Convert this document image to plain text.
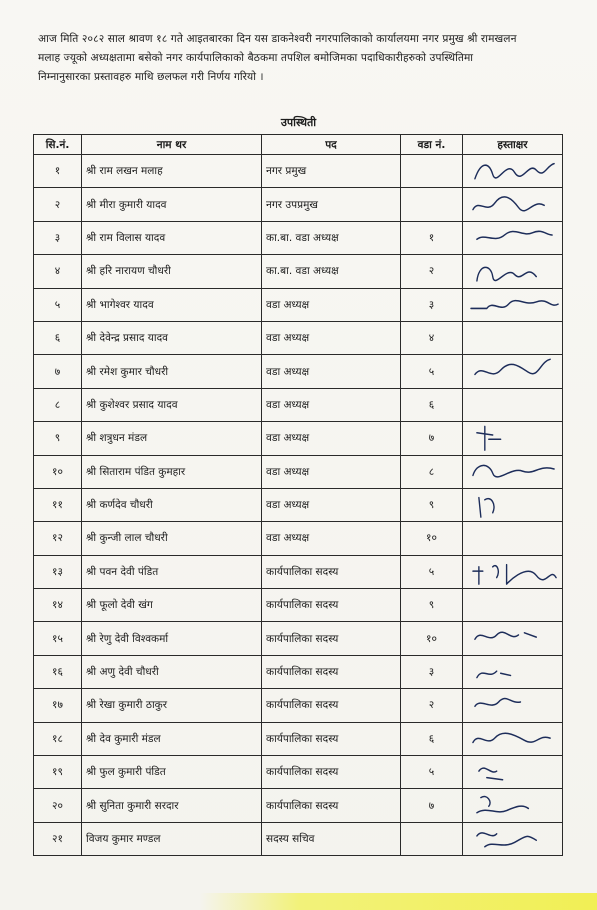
आज मिति २०८२ साल श्रावण १८ गते आइतबारका दिन यस डाकनेश्वरी नगरपालिकाको कार्यालयमा नगर प्रमुख श्री रामखलन

मलाह ज्यूको अध्यक्षतामा बसेको नगर कार्यपालिकाको बैठकमा तपशिल बमोजिमका पदाधिकारीहरुको उपस्थितिमा

निम्नानुसारका प्रस्तावहरु माथि छलफल गरी निर्णय गरियो ।

उपस्थिती
सि.नं.	नाम थर	पद	वडा नं.	हस्ताक्षर
१	श्री राम लखन मलाह	नगर प्रमुख		

२	श्री मीरा कुमारी यादव	नगर उपप्रमुख		

३	श्री राम विलास यादव	का.बा. वडा अध्यक्ष	१	

४	श्री हरि नारायण चौधरी	का.बा. वडा अध्यक्ष	२	

५	श्री भागेश्वर यादव	वडा अध्यक्ष	३	

६	श्री देवेन्द्र प्रसाद यादव	वडा अध्यक्ष	४	
७	श्री रमेश कुमार चौधरी	वडा अध्यक्ष	५	

८	श्री कुशेश्वर प्रसाद यादव	वडा अध्यक्ष	६	
९	श्री शत्रुधन मंडल	वडा अध्यक्ष	७	

१०	श्री सिताराम पंडित कुमहार	वडा अध्यक्ष	८	

११	श्री कर्णदेव चौधरी	वडा अध्यक्ष	९	

१२	श्री कुन्जी लाल चौधरी	वडा अध्यक्ष	१०	
१३	श्री पवन देवी पंडित	कार्यपालिका सदस्य	५	

१४	श्री फूलो देवी खंग	कार्यपालिका सदस्य	९	
१५	श्री रेणु देवी विश्वकर्मा	कार्यपालिका सदस्य	१०	

१६	श्री अणु देवी चौधरी	कार्यपालिका सदस्य	३	

१७	श्री रेखा कुमारी ठाकुर	कार्यपालिका सदस्य	२	

१८	श्री देव कुमारी मंडल	कार्यपालिका सदस्य	६	

१९	श्री फुल कुमारी पंडित	कार्यपालिका सदस्य	५	

२०	श्री सुनिता कुमारी सरदार	कार्यपालिका सदस्य	७	

२१	विजय कुमार मण्डल	सदस्य सचिव		
